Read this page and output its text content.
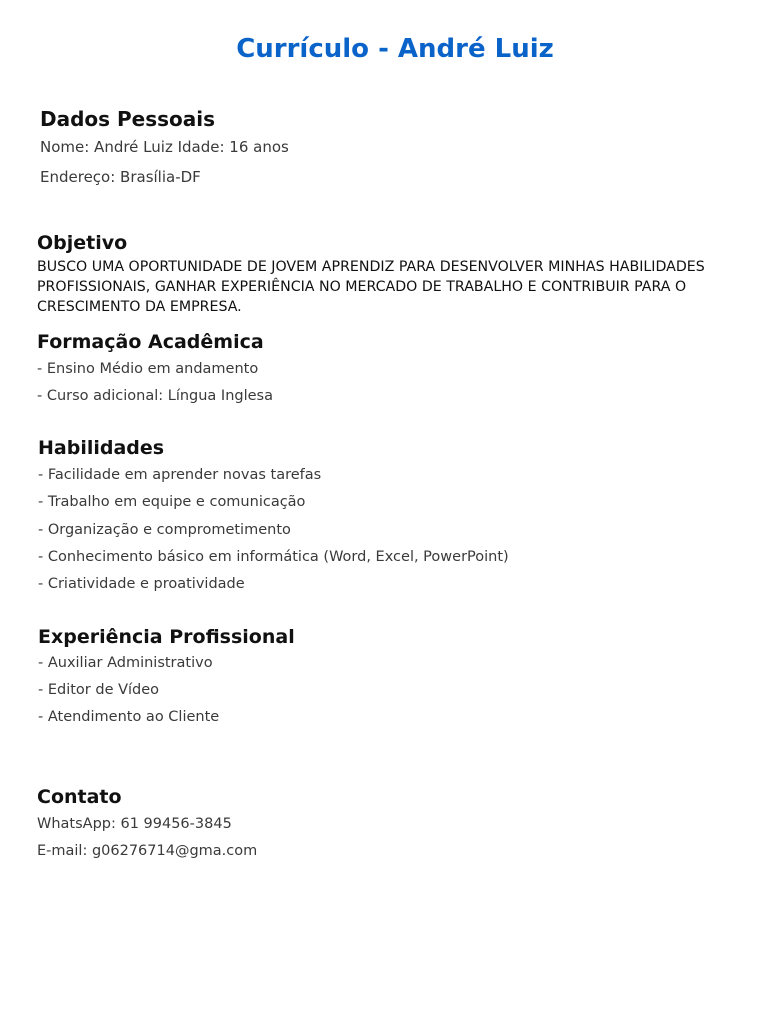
Currículo - André Luiz
Dados Pessoais
Nome: André Luiz Idade: 16 anos
Endereço: Brasília-DF
Objetivo
BUSCO UMA OPORTUNIDADE DE JOVEM APRENDIZ PARA DESENVOLVER MINHAS HABILIDADES PROFISSIONAIS, GANHAR EXPERIÊNCIA NO MERCADO DE TRABALHO E CONTRIBUIR PARA O CRESCIMENTO DA EMPRESA.
Formação Acadêmica
- Ensino Médio em andamento
- Curso adicional: Língua Inglesa
Habilidades
- Facilidade em aprender novas tarefas
- Trabalho em equipe e comunicação
- Organização e comprometimento
- Conhecimento básico em informática (Word, Excel, PowerPoint)
- Criatividade e proatividade
Experiência Profissional
- Auxiliar Administrativo
- Editor de Vídeo
- Atendimento ao Cliente
Contato
WhatsApp: 61 99456-3845
E-mail: g06276714@gma.com
